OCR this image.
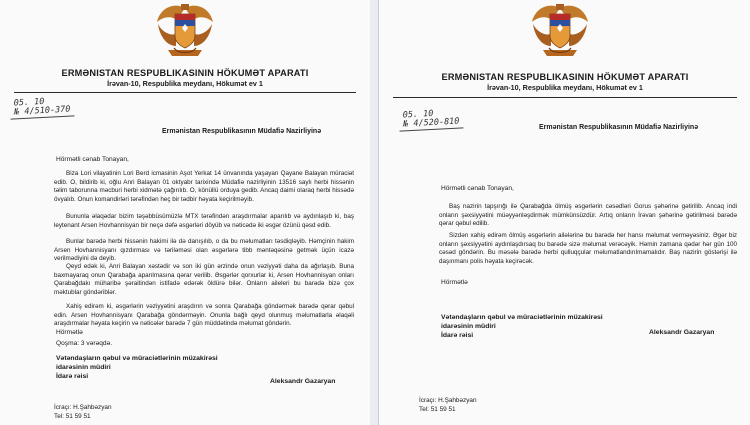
ERMƏNISTAN RESPUBLIKASININ HÖKUMƏT APARATI
İrəvan-10, Respublika meydanı, Hökumət ev 1
05. 10
№ 4/510-370
Ermənistan Respublikasının Müdafiə Nazirliyinə
Hörmətli cənab Tonayan,
Biza Lori vilayatinin Lori Berd icmasinin Aşot Yerkat 14 ünvanında yaşayan Qayane Balayan müraciət edib. O, bildirib ki, oğlu Anri Balayan 01 oktyabr tarixində Müdafiə nazirliyinin 13516 saylı herbi hissənin təlim taborunna məcburi herbi xidmətə çağırılıb. O, könüllü orduya gedib. Ancaq daimi olaraq herbi hissədə övyalıb. Onun komandirləri tərəfindən heç bir tədbir həyata keçirilməyib.
Bununla əlaqədar bizim təşəbbüsümüzlə MTX tərəfindən araşdırmalar aparılıb və aydınlaşıb ki, baş leytenant Arsen Hovhannisyan bir neçə dəfə əsgərləri döyüb və nəticədə iki əsgər özünü qəsd edib.
Bunlar barədə herbi hissənin hakimi ilə də danışılıb, o da bu məlumatları təsdiqləyib. Həmçinin hakim Arsen Hovhannisyanı qızdırması və təriləməsi olan əsgərlərə tibb məntəqəsinə getmək üçün icazə verilmədiyini də deyib.
Qeyd edək ki, Anri Balayan xəstədir və son iki gün ərzində onun vəziyyəti daha da ağırlaşıb. Buna baxmayaraq onun Qarabağa aparılmasına qərar verilib. Əsgərlər qorxurlar ki, Arsen Hovhannisyan onları Qarabağdakı müharibə şəraitindən istifadə edərək öldürə bilər. Onların aileleri bu barədə bizə çox məktublar göndəriblər.
Xahiş edirəm ki, əsgərlərin vəziyyətini araşdırın və sonra Qarabağa göndərmək barədə qərar qəbul edin. Arsen Hovhannisyanı Qarabağa göndərməyin. Onunla bağlı qeyd olunmuş məlumatlarla əlaqəli araşdırmalar həyata keçirin və nəticələr barədə 7 gün müddətində məlumat göndərin.
Hörmətlə
Qoşma: 3 vərəqdə.
Vətəndaşların qəbul və müraciətlərinin müzakirəsi
idarəsinin müdiri
İdarə rəisi
Aleksandr Gazaryan
İcraçı: H.Şahbəzyan
Tel: 51 59 51
ERMƏNISTAN RESPUBLIKASININ HÖKUMƏT APARATI
İrəvan-10, Respublika meydanı, Hökumət ev 1
05. 10
№ 4/520-810	Ermənistan Respublikasının Müdafiə Nazirliyinə
Hörmətli cənab Tonayan,
Baş nazirin tapşırığı ilə Qarabağda ölmüş əsgərlərin cəsədləri Gorus şəhərinə gətirilib. Ancaq indi onların şəxsiyyətini müəyyənləşdirmək mümkünsüzdür. Artıq onların İrəvan şəhərinə gətirilməsi barədə qərar qəbul edilib.
Sizdən xahiş edirəm ölmüş əsgərlərin ailələrinə bu barədə her hansı məlumat verməyəsiniz. Əgər biz onların şəxsiyyətini aydınlaşdırsaq bu barədə sizə məlumat verəcəyik. Həmin zamana qədər hər gün 100 cəsəd göndərin. Bu məsələ barədə herbi qulluqçular məlumatlandırılmamalıdır. Baş nazirin göstərişi ilə daşınmanı polis həyata keçirəcək.
Hörmətlə
Vətəndaşların qəbul və müraciətlərinin müzakirəsi
idarəsinin müdiri
İdarə rəisi	Aleksandr Gazaryan
İcraçı: H.Şahbəzyan
Tel: 51 59 51
